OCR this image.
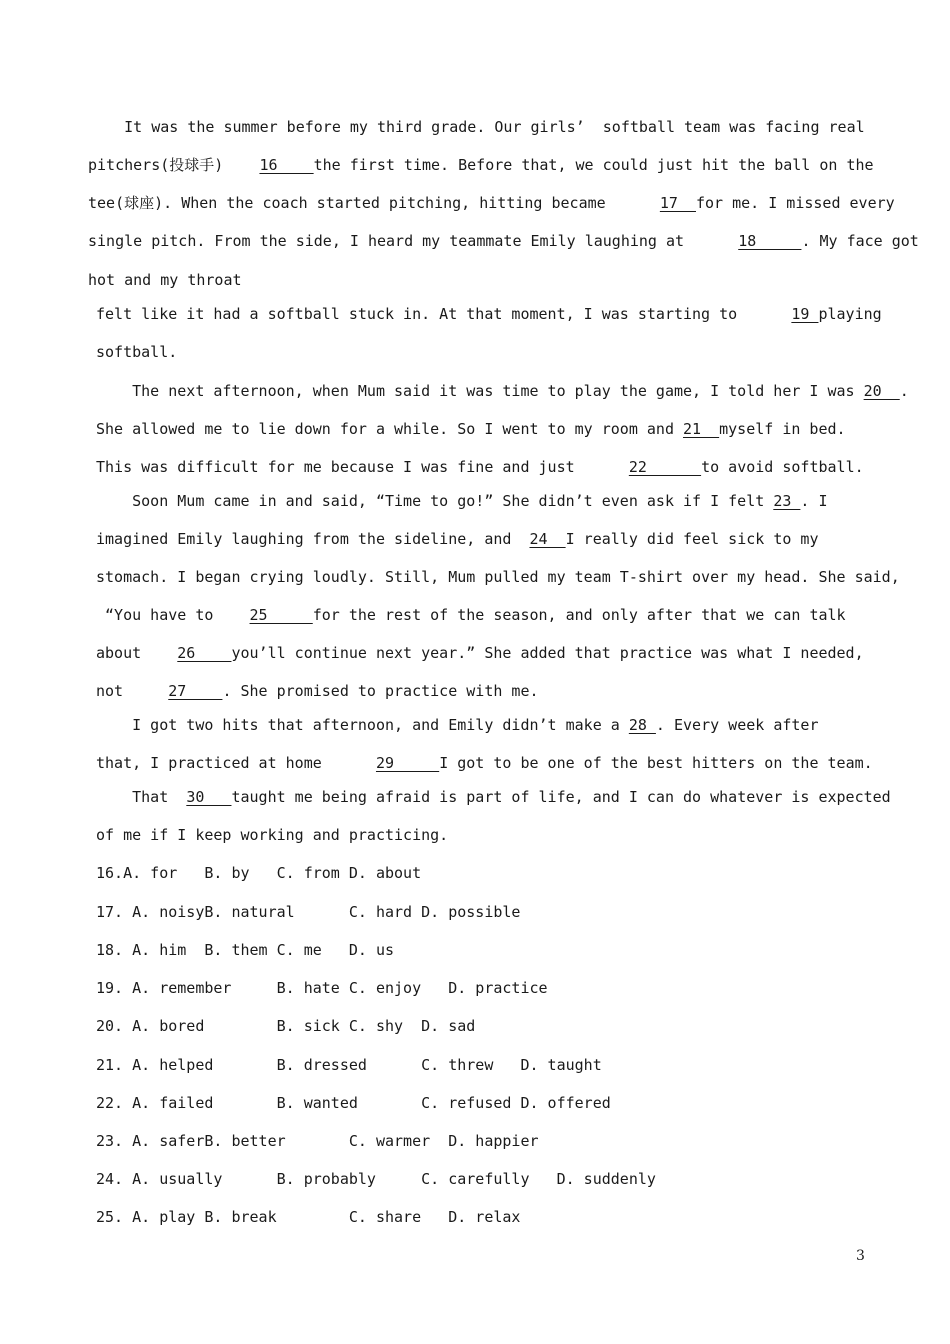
It was the summer before my third grade. Our girls’  softball team was facing real
pitchers(投球手)    16    the first time. Before that, we could just hit the ball on the
tee(球座). When the coach started pitching, hitting became      17  for me. I missed every
single pitch. From the side, I heard my teammate Emily laughing at      18     . My face got
hot and my throat
felt like it had a softball stuck in. At that moment, I was starting to      19 playing
softball.
The next afternoon, when Mum said it was time to play the game, I told her I was 20  .
She allowed me to lie down for a while. So I went to my room and 21  myself in bed.
This was difficult for me because I was fine and just      22      to avoid softball.
Soon Mum came in and said, “Time to go!” She didn’t even ask if I felt 23 . I
imagined Emily laughing from the sideline, and  24  I really did feel sick to my
stomach. I began crying loudly. Still, Mum pulled my team T-shirt over my head. She said,
“You have to    25     for the rest of the season, and only after that we can talk
about    26    you’ll continue next year.” She added that practice was what I needed,
not     27    . She promised to practice with me.
I got two hits that afternoon, and Emily didn’t make a 28 . Every week after
that, I practiced at home      29     I got to be one of the best hitters on the team.
That  30   taught me being afraid is part of life, and I can do whatever is expected
of me if I keep working and practicing.
16.A. for   B. by   C. from D. about
17. A. noisyB. natural      C. hard D. possible
18. A. him  B. them C. me   D. us
19. A. remember     B. hate C. enjoy   D. practice
20. A. bored        B. sick C. shy  D. sad
21. A. helped       B. dressed      C. threw   D. taught
22. A. failed       B. wanted       C. refused D. offered
23. A. saferB. better       C. warmer  D. happier
24. A. usually      B. probably     C. carefully   D. suddenly
25. A. play B. break        C. share   D. relax
3
